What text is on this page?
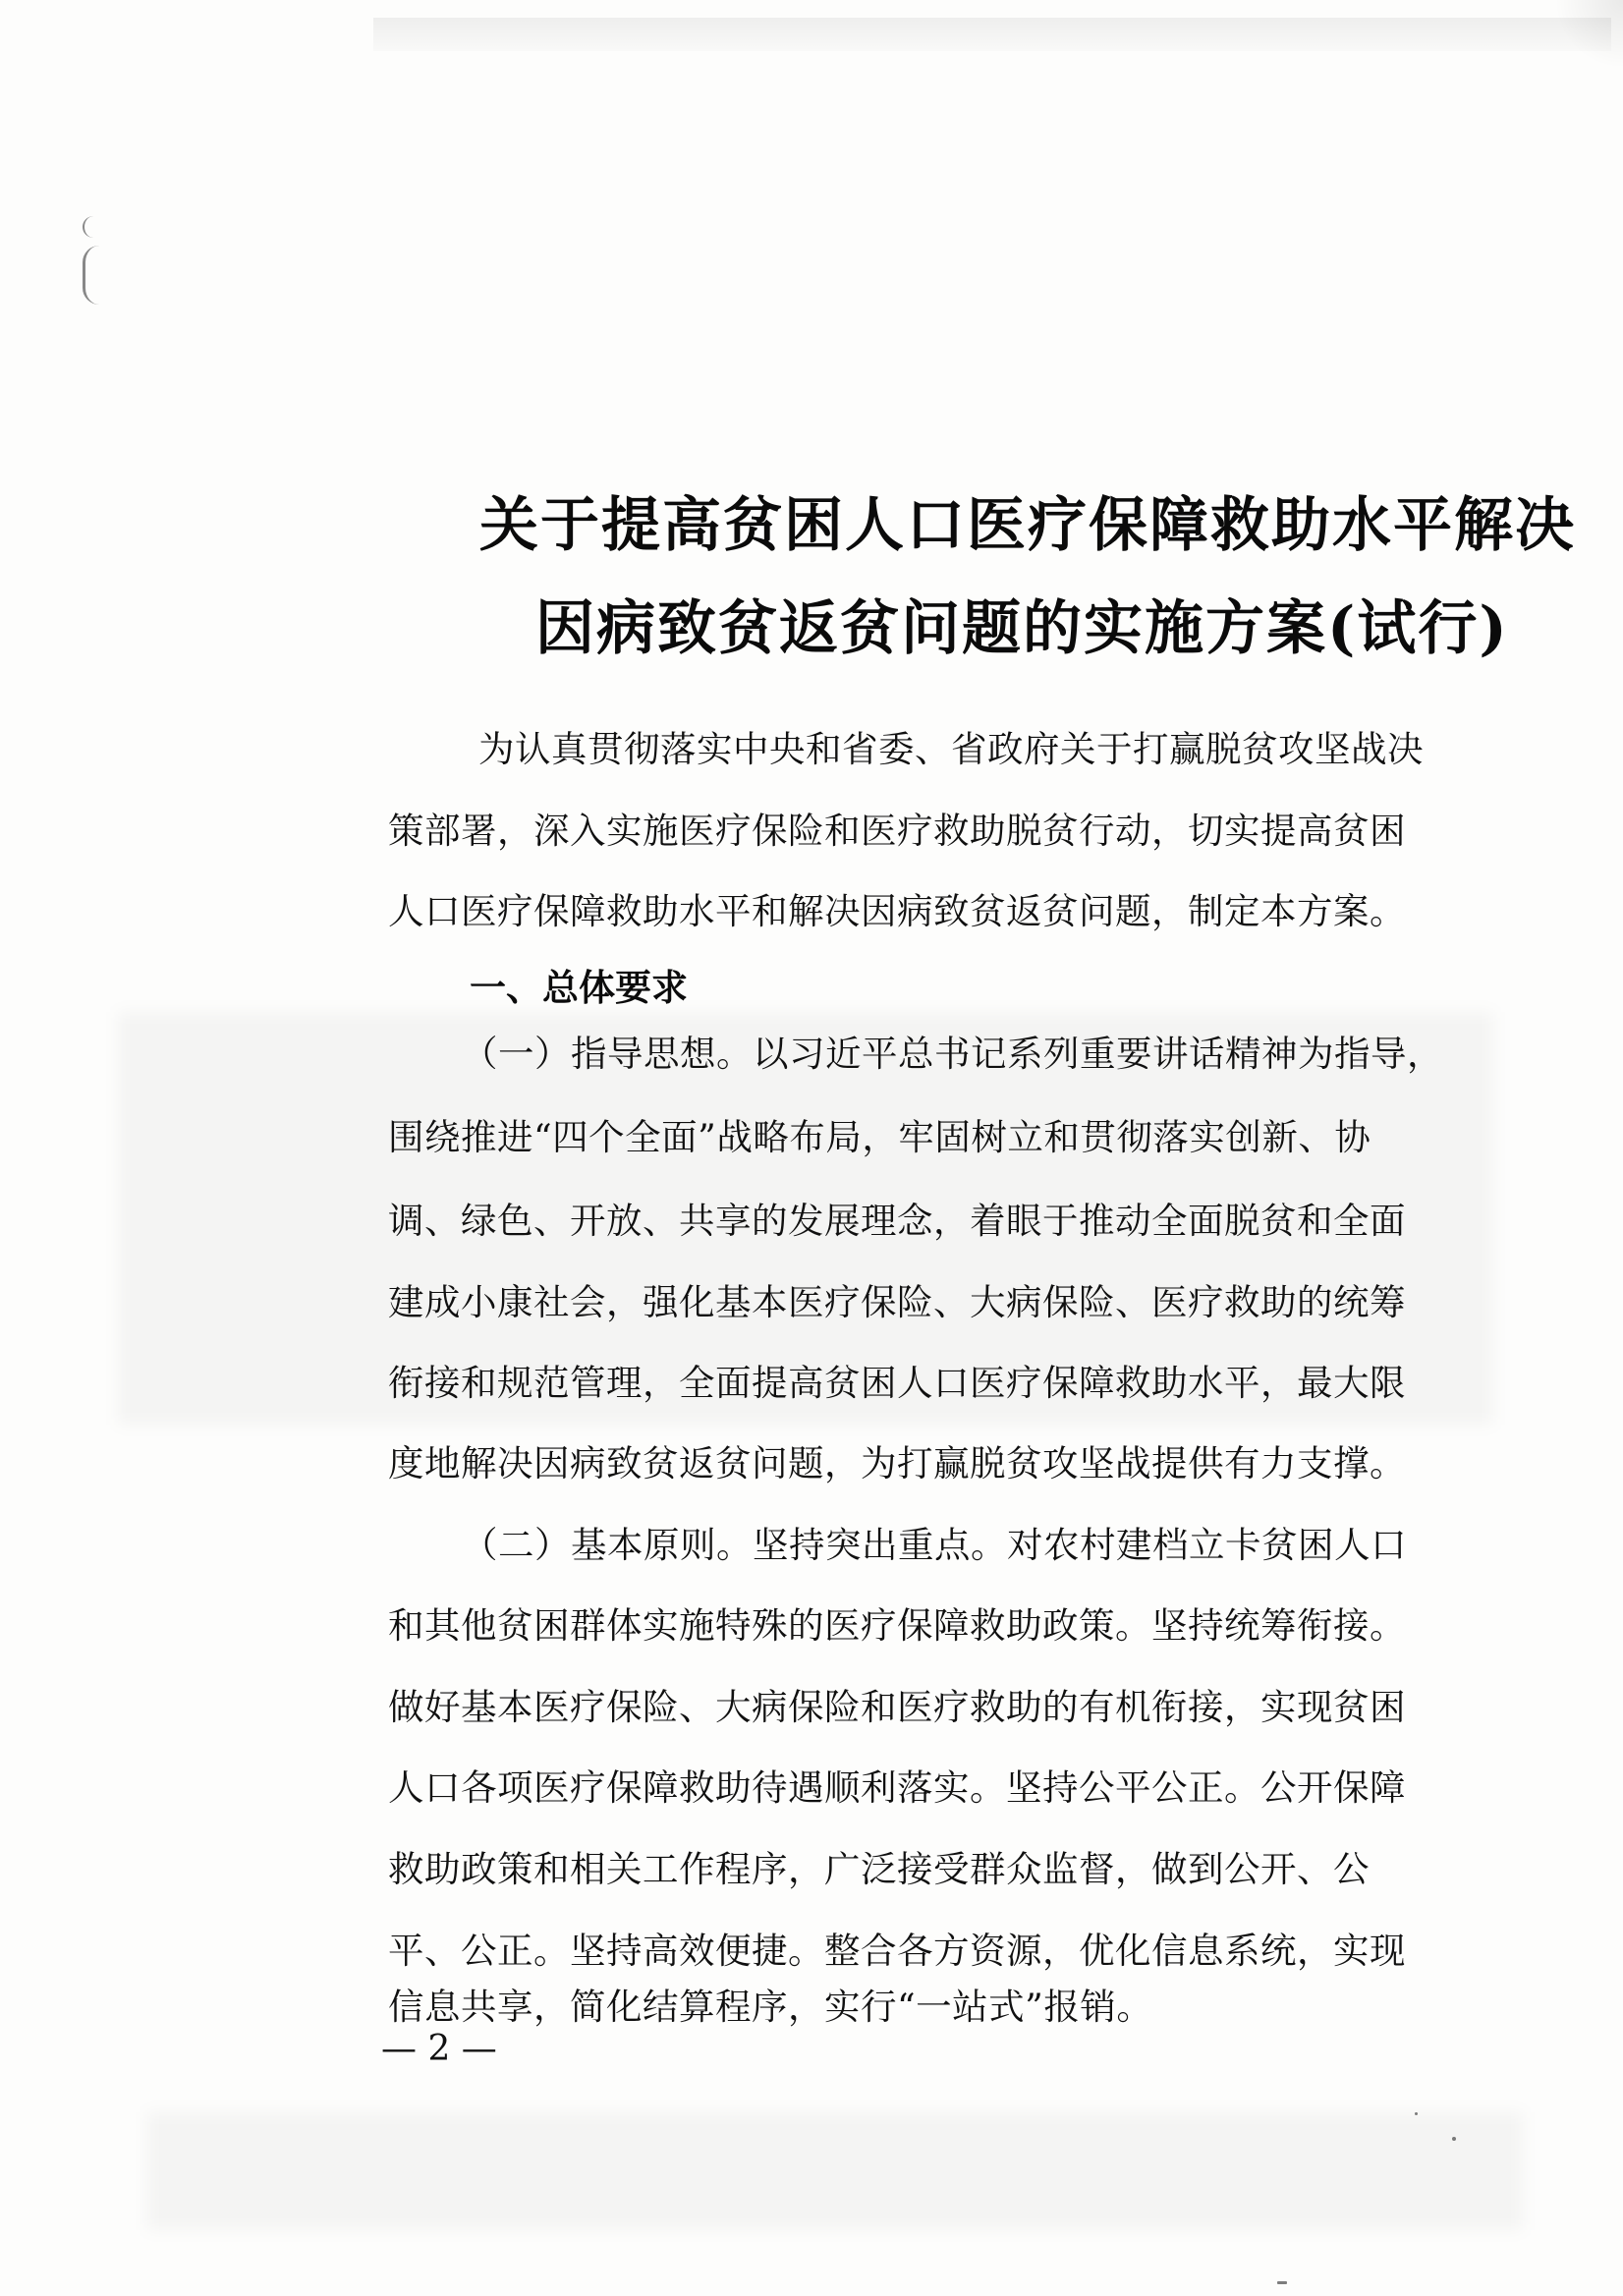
关于提高贫困人口医疗保障救助水平解决
因病致贫返贫问题的实施方案(试行)
为认真贯彻落实中央和省委、省政府关于打赢脱贫攻坚战决
策部署，深入实施医疗保险和医疗救助脱贫行动，切实提高贫困
人口医疗保障救助水平和解决因病致贫返贫问题，制定本方案。
一、总体要求
（一）指导思想。以习近平总书记系列重要讲话精神为指导，
围绕推进“四个全面”战略布局，牢固树立和贯彻落实创新、协
调、绿色、开放、共享的发展理念，着眼于推动全面脱贫和全面
建成小康社会，强化基本医疗保险、大病保险、医疗救助的统筹
衔接和规范管理，全面提高贫困人口医疗保障救助水平，最大限
度地解决因病致贫返贫问题，为打赢脱贫攻坚战提供有力支撑。
（二）基本原则。坚持突出重点。对农村建档立卡贫困人口
和其他贫困群体实施特殊的医疗保障救助政策。坚持统筹衔接。
做好基本医疗保险、大病保险和医疗救助的有机衔接，实现贫困
人口各项医疗保障救助待遇顺利落实。坚持公平公正。公开保障
救助政策和相关工作程序，广泛接受群众监督，做到公开、公
平、公正。坚持高效便捷。整合各方资源，优化信息系统，实现
信息共享，简化结算程序，实行“一站式”报销。
— 2 —
